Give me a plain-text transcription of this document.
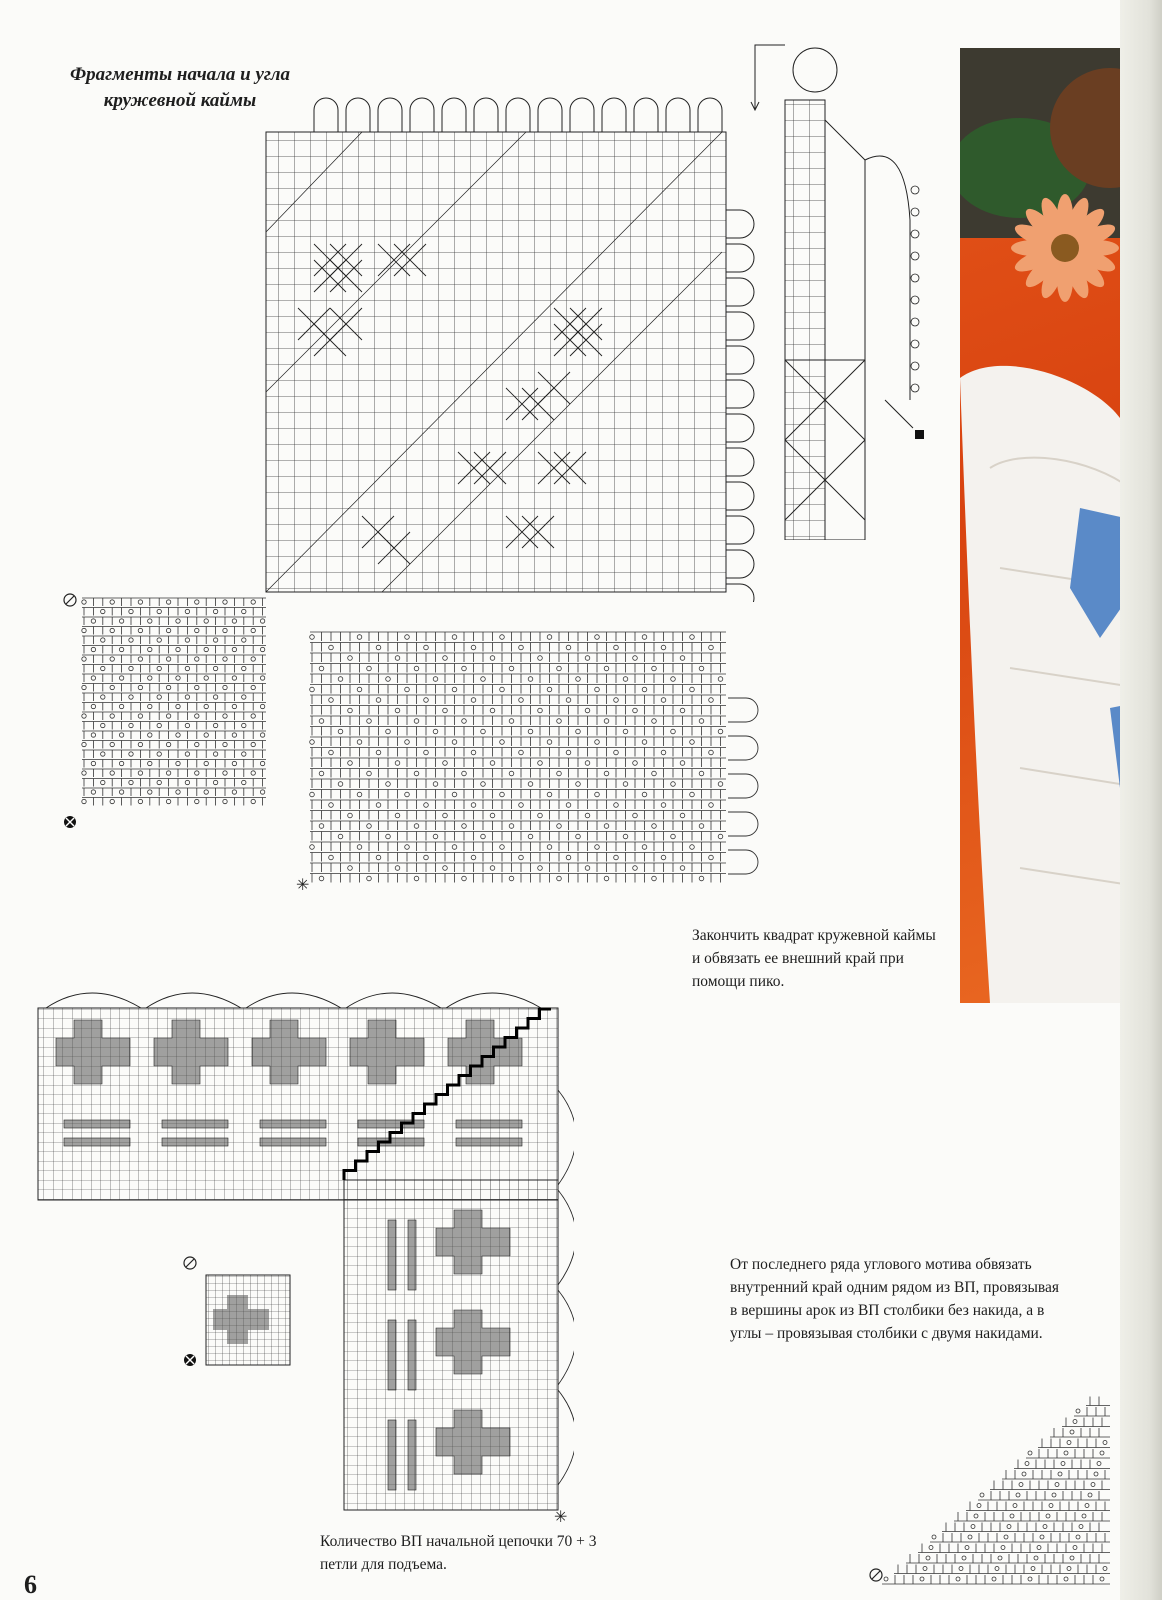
Фрагменты начала и угла кружевной каймы
✳
✳
Закончить квадрат кружевной каймы и обвязать ее внешний край при помощи пико.
От последнего ряда углового мотива обвязать внутренний край одним рядом из ВП, провязывая в вершины арок из ВП столбики без накида, а в углы – провязывая столбики с двумя накидами.
Количество ВП начальной цепочки 70 + 3 петли для подъема.
6
